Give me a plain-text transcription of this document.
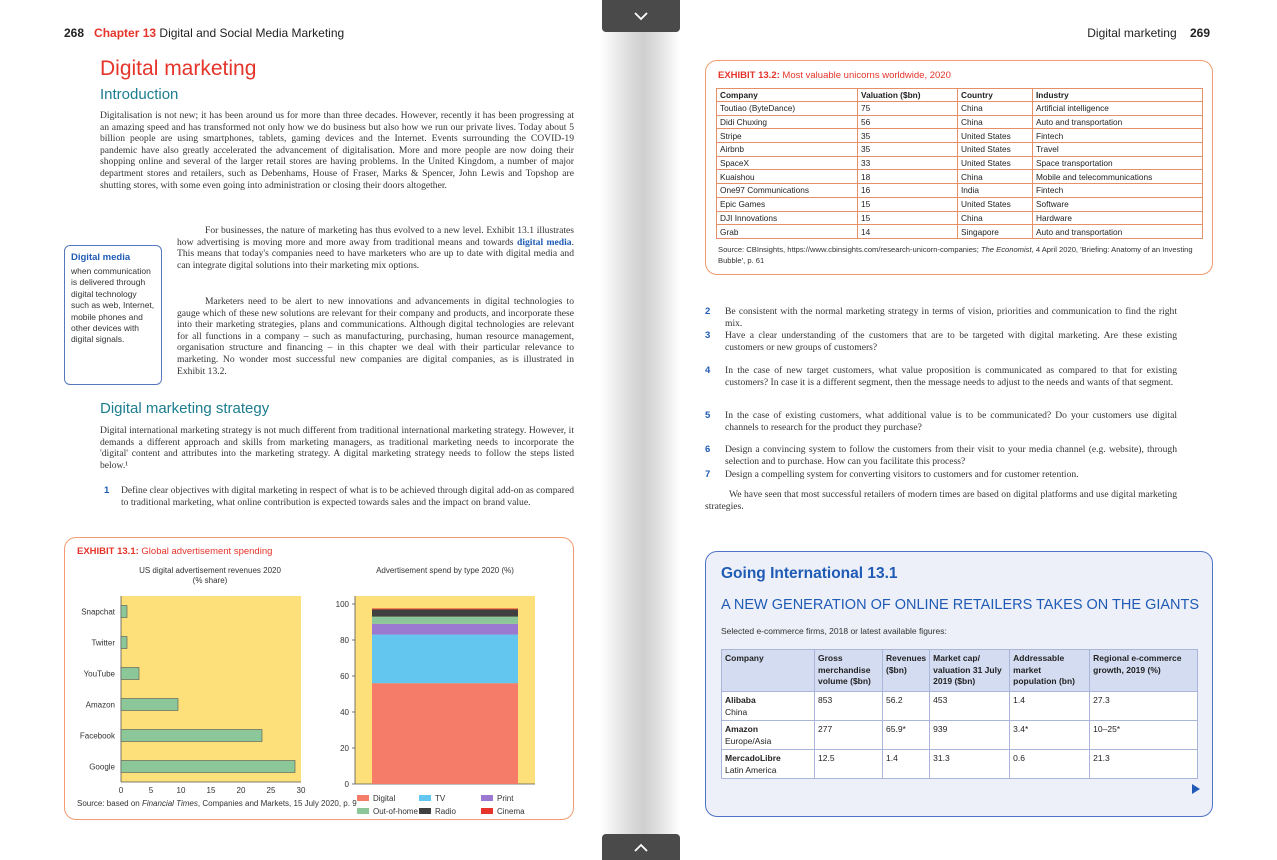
268 Chapter 13 Digital and Social Media Marketing
Digital marketing
Introduction

Digitalisation is not new; it has been around us for more than three decades. However, recently it has been progressing at an amazing speed and has transformed not only how we do business but also how we run our private lives. Today about 5 billion people are using smartphones, tablets, gaming devices and the Internet. Events surrounding the COVID-19 pandemic have also greatly accelerated the advancement of digitalisation. More and more people are now doing their shopping online and several of the larger retail stores are having problems. In the United Kingdom, a number of major department stores and retailers, such as Debenhams, House of Fraser, Marks & Spencer, John Lewis and Topshop are shutting stores, with some even going into administration or closing their doors altogether.

For businesses, the nature of marketing has thus evolved to a new level. Exhibit 13.1 illustrates how advertising is moving more and more away from traditional means and towards digital media. This means that today's companies need to have marketers who are up to date with digital media and can integrate digital solutions into their marketing mix options.

Marketers need to be alert to new innovations and advancements in digital technologies to gauge which of these new solutions are relevant for their company and products, and incorporate these into their marketing strategies, plans and communications. Although digital technologies are relevant for all functions in a company – such as manufacturing, purchasing, human resource management, organisation structure and financing – in this chapter we deal with their particular relevance to marketing. No wonder most successful new companies are digital companies, as is illustrated in Exhibit 13.2.

Digital media
when communication is delivered through digital technology such as web, Internet, mobile phones and other devices with digital signals.
Digital marketing strategy

Digital international marketing strategy is not much different from traditional international marketing strategy. However, it demands a different approach and skills from marketing managers, as traditional marketing needs to incorporate the 'digital' content and attributes into the marketing strategy. A digital marketing strategy needs to follow the steps listed below.¹

1 Define clear objectives with digital marketing in respect of what is to be achieved through digital add-on as compared to traditional marketing, what online contribution is expected towards sales and the impact on brand value.

EXHIBIT 13.1: Global advertisement spending
US digital advertisement revenues 2020
(% share)
Advertisement spend by type 2020 (%)
Snapchat
Twitter
YouTube
Amazon
Facebook
Google
0	5	10	15	20	25	30
0
20
40
60
80
100
Digital	TV	Print
Out-of-home Radio	Cinema
Source: based on Financial Times, Companies and Markets, 15 July 2020, p. 9
Digital marketing 269
EXHIBIT 13.2: Most valuable unicorns worldwide, 2020
Company	Valuation ($bn)	Country	Industry
Toutiao (ByteDance)	75	China	Artificial intelligence
Didi Chuxing	56	China	Auto and transportation
Stripe	35	United States	Fintech
Airbnb	35	United States	Travel
SpaceX	33	United States	Space transportation
Kuaishou	18	China	Mobile and telecommunications
One97 Communications	16	India	Fintech
Epic Games	15	United States	Software
DJI Innovations	15	China	Hardware
Grab	14	Singapore	Auto and transportation
Source: CBInsights, https://www.cbinsights.com/research-unicorn-companies; The Economist, 4 April 2020, 'Briefing: Anatomy of an Investing Bubble', p. 61
2 Be consistent with the normal marketing strategy in terms of vision, priorities and communication to find the right mix.

3 Have a clear understanding of the customers that are to be targeted with digital marketing. Are these existing customers or new groups of customers?

4 In the case of new target customers, what value proposition is communicated as compared to that for existing customers? In case it is a different segment, then the message needs to adjust to the needs and wants of that segment.

5 In the case of existing customers, what additional value is to be communicated? Do your customers use digital channels to research for the product they purchase?

6 Design a convincing system to follow the customers from their visit to your media channel (e.g. website), through selection and to purchase. How can you facilitate this process?

7 Design a compelling system for converting visitors to customers and for customer retention.

We have seen that most successful retailers of modern times are based on digital platforms and use digital marketing strategies.

Going International 13.1
A NEW GENERATION OF ONLINE RETAILERS TAKES ON THE GIANTS
Selected e-commerce firms, 2018 or latest available figures:
Company	Gross merchandise volume ($bn)	Revenues ($bn)	Market cap/ valuation 31 July 2019 ($bn)	Addressable market population (bn)	Regional e-commerce growth, 2019 (%)

Alibaba
China	853	56.2	453	1.4	27.3

Amazon
Europe/Asia	277	65.9*	939	3.4*	10–25*

MercadoLibre
Latin America	12.5	1.4	31.3	0.6	21.3
